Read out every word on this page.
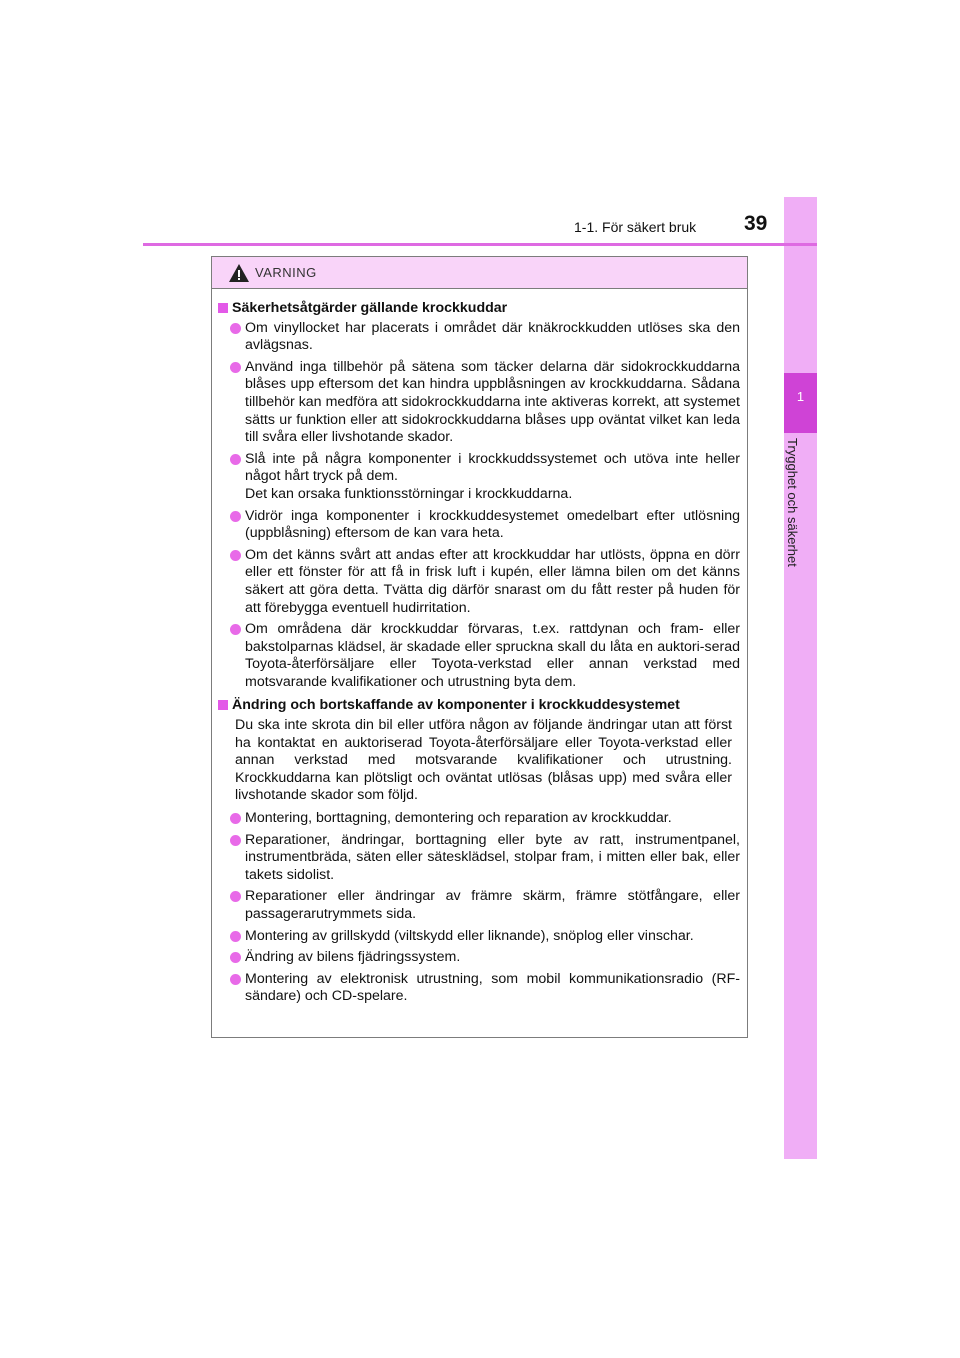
1
Trygghet och säkerhet
1-1. För säkert bruk 39
VARNING
Säkerhetsåtgärder gällande krockkuddar
Om vinyllocket har placerats i området där knäkrockkudden utlöses ska den avlägsnas.
Använd inga tillbehör på sätena som täcker delarna där sidokrockkuddarna blåses upp eftersom det kan hindra uppblåsningen av krockkuddarna. Sådana tillbehör kan medföra att sidokrockkuddarna inte aktiveras korrekt, att systemet sätts ur funktion eller att sidokrockkuddarna blåses upp oväntat vilket kan leda till svåra eller livshotande skador.
Slå inte på några komponenter i krockkuddssystemet och utöva inte heller något hårt tryck på dem.
Det kan orsaka funktionsstörningar i krockkuddarna.
Vidrör inga komponenter i krockkuddesystemet omedelbart efter utlösning (uppblåsning) eftersom de kan vara heta.
Om det känns svårt att andas efter att krockkuddar har utlösts, öppna en dörr eller ett fönster för att få in frisk luft i kupén, eller lämna bilen om det känns säkert att göra detta. Tvätta dig därför snarast om du fått rester på huden för att förebygga eventuell hudirritation.
Om områdena där krockkuddar förvaras, t.ex. rattdynan och fram- eller bakstolparnas klädsel, är skadade eller spruckna skall du låta en auktori-serad Toyota-återförsäljare eller Toyota-verkstad eller annan verkstad med motsvarande kvalifikationer och utrustning byta dem.
Ändring och bortskaffande av komponenter i krockkuddesystemet
Du ska inte skrota din bil eller utföra någon av följande ändringar utan att först ha kontaktat en auktoriserad Toyota-återförsäljare eller Toyota-verkstad eller annan verkstad med motsvarande kvalifikationer och utrustning. Krockkuddarna kan plötsligt och oväntat utlösas (blåsas upp) med svåra eller livshotande skador som följd.
Montering, borttagning, demontering och reparation av krockkuddar.
Reparationer, ändringar, borttagning eller byte av ratt, instrumentpanel, instrumentbräda, säten eller sätesklädsel, stolpar fram, i mitten eller bak, eller takets sidolist.
Reparationer eller ändringar av främre skärm, främre stötfångare, eller passagerarutrymmets sida.
Montering av grillskydd (viltskydd eller liknande), snöplog eller vinschar.
Ändring av bilens fjädringssystem.
Montering av elektronisk utrustning, som mobil kommunikationsradio (RF-sändare) och CD-spelare.
